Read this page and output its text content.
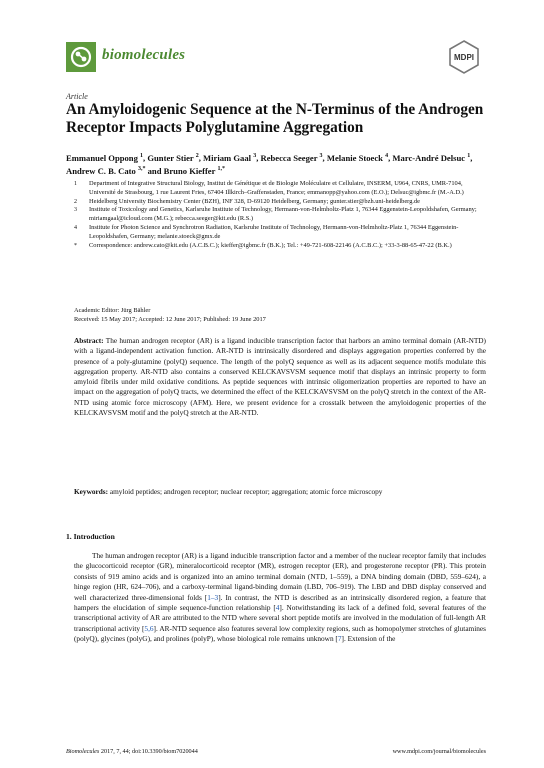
biomolecules	MDPI
Article
An Amyloidogenic Sequence at the N-Terminus of the Androgen Receptor Impacts Polyglutamine Aggregation
Emmanuel Oppong $^1$, Gunter Stier $^2$, Miriam Gaal $^3$, Rebecca Seeger $^3$, Melanie Stoeck $^4$, Marc-André Delsuc $^1$, Andrew C. B. Cato $^{3,*}$ and Bruno Kieffer $^{1,*}$
1 Department of Integrative Structural Biology, Institut de Génétique et de Biologie Moléculaire et Cellulaire, INSERM, U964, CNRS, UMR-7104, Université de Strasbourg, 1 rue Laurent Fries, 67404 Illkirch–Graffenstaden, France; emmanopp@yahoo.com (E.O.); Delsuc@igbmc.fr (M.-A.D.)
2 Heidelberg University Biochemistry Center (BZH), INF 328, D-69120 Heidelberg, Germany; gunter.stier@bzh.uni-heidelberg.de
3 Institute of Toxicology and Genetics, Karlsruhe Institute of Technology, Hermann-von-Helmholtz-Platz 1, 76344 Eggenstein-Leopoldshafen, Germany; miriamgaal@icloud.com (M.G.); rebecca.seeger@kit.edu (R.S.)
4 Institute for Photon Science and Synchrotron Radiation, Karlsruhe Institute of Technology, Hermann-von-Helmholtz-Platz 1, 76344 Eggenstein-Leopoldshafen, Germany; melanie.stoeck@gmx.de
* Correspondence: andrew.cato@kit.edu (A.C.B.C.); kieffer@igbmc.fr (B.K.); Tel.: +49-721-608-22146 (A.C.B.C.); +33-3-88-65-47-22 (B.K.)
Academic Editor: Jürg Bähler
Received: 15 May 2017; Accepted: 12 June 2017; Published: 19 June 2017
Abstract: The human androgen receptor (AR) is a ligand inducible transcription factor that harbors an amino terminal domain (AR-NTD) with a ligand-independent activation function. AR-NTD is intrinsically disordered and displays aggregation properties conferred by the presence of a poly-glutamine (polyQ) sequence. The length of the polyQ sequence as well as its adjacent sequence motifs modulate this aggregation property. AR-NTD also contains a conserved KELCKAVSVSM sequence motif that displays an intrinsic property to form amyloid fibrils under mild oxidative conditions. As peptide sequences with intrinsic oligomerization properties are reported to have an impact on the aggregation of polyQ tracts, we determined the effect of the KELCKAVSVSM on the polyQ stretch in the context of the AR-NTD using atomic force microscopy (AFM). Here, we present evidence for a crosstalk between the amyloidogenic properties of the KELCKAVSVSM motif and the polyQ stretch at the AR-NTD.
Keywords: amyloid peptides; androgen receptor; nuclear receptor; aggregation; atomic force microscopy
1. Introduction

The human androgen receptor (AR) is a ligand inducible transcription factor and a member of the nuclear receptor family that includes the glucocorticoid receptor (GR), mineralocorticoid receptor (MR), estrogen receptor (ER), and progesterone receptor (PR). This protein consists of 919 amino acids and is organized into an amino terminal domain (NTD, 1–559), a DNA binding domain (DBD, 559–624), a hinge region (HR, 624–706), and a carboxy-terminal ligand-binding domain (LBD, 706–919). The LBD and DBD display conserved and well characterized three-dimensional folds [1–3]. In contrast, the NTD is described as an intrinsically disordered region, a feature that hampers the elucidation of simple sequence-function relationship [4]. Notwithstanding its lack of a defined fold, several features of the transcriptional activity of AR are attributed to the NTD where several short peptide motifs are involved in the modulation of full-length AR transcriptional activity [5,6]. AR-NTD sequence also features several low complexity regions, such as homopolymer stretches of glutamines (polyQ), glycines (polyG), and prolines (polyP), whose biological role remains unknown [7]. Extension of the

Biomolecules 2017, 7, 44; doi:10.3390/biom7020044	www.mdpi.com/journal/biomolecules
